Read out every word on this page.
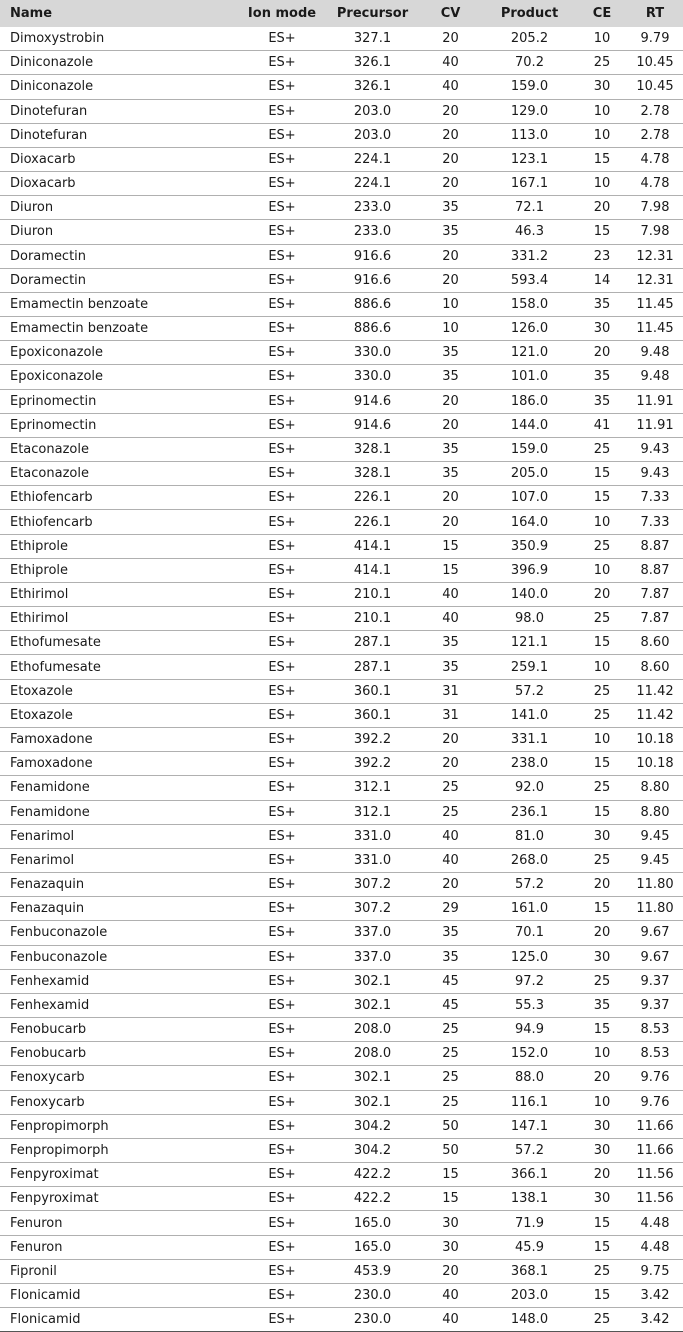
Name	Ion mode	Precursor	CV	Product	CE	RT
Dimoxystrobin	ES+	327.1	20	205.2	10	9.79
Diniconazole	ES+	326.1	40	70.2	25	10.45
Diniconazole	ES+	326.1	40	159.0	30	10.45
Dinotefuran	ES+	203.0	20	129.0	10	2.78
Dinotefuran	ES+	203.0	20	113.0	10	2.78
Dioxacarb	ES+	224.1	20	123.1	15	4.78
Dioxacarb	ES+	224.1	20	167.1	10	4.78
Diuron	ES+	233.0	35	72.1	20	7.98
Diuron	ES+	233.0	35	46.3	15	7.98
Doramectin	ES+	916.6	20	331.2	23	12.31
Doramectin	ES+	916.6	20	593.4	14	12.31
Emamectin benzoate	ES+	886.6	10	158.0	35	11.45
Emamectin benzoate	ES+	886.6	10	126.0	30	11.45
Epoxiconazole	ES+	330.0	35	121.0	20	9.48
Epoxiconazole	ES+	330.0	35	101.0	35	9.48
Eprinomectin	ES+	914.6	20	186.0	35	11.91
Eprinomectin	ES+	914.6	20	144.0	41	11.91
Etaconazole	ES+	328.1	35	159.0	25	9.43
Etaconazole	ES+	328.1	35	205.0	15	9.43
Ethiofencarb	ES+	226.1	20	107.0	15	7.33
Ethiofencarb	ES+	226.1	20	164.0	10	7.33
Ethiprole	ES+	414.1	15	350.9	25	8.87
Ethiprole	ES+	414.1	15	396.9	10	8.87
Ethirimol	ES+	210.1	40	140.0	20	7.87
Ethirimol	ES+	210.1	40	98.0	25	7.87
Ethofumesate	ES+	287.1	35	121.1	15	8.60
Ethofumesate	ES+	287.1	35	259.1	10	8.60
Etoxazole	ES+	360.1	31	57.2	25	11.42
Etoxazole	ES+	360.1	31	141.0	25	11.42
Famoxadone	ES+	392.2	20	331.1	10	10.18
Famoxadone	ES+	392.2	20	238.0	15	10.18
Fenamidone	ES+	312.1	25	92.0	25	8.80
Fenamidone	ES+	312.1	25	236.1	15	8.80
Fenarimol	ES+	331.0	40	81.0	30	9.45
Fenarimol	ES+	331.0	40	268.0	25	9.45
Fenazaquin	ES+	307.2	20	57.2	20	11.80
Fenazaquin	ES+	307.2	29	161.0	15	11.80
Fenbuconazole	ES+	337.0	35	70.1	20	9.67
Fenbuconazole	ES+	337.0	35	125.0	30	9.67
Fenhexamid	ES+	302.1	45	97.2	25	9.37
Fenhexamid	ES+	302.1	45	55.3	35	9.37
Fenobucarb	ES+	208.0	25	94.9	15	8.53
Fenobucarb	ES+	208.0	25	152.0	10	8.53
Fenoxycarb	ES+	302.1	25	88.0	20	9.76
Fenoxycarb	ES+	302.1	25	116.1	10	9.76
Fenpropimorph	ES+	304.2	50	147.1	30	11.66
Fenpropimorph	ES+	304.2	50	57.2	30	11.66
Fenpyroximat	ES+	422.2	15	366.1	20	11.56
Fenpyroximat	ES+	422.2	15	138.1	30	11.56
Fenuron	ES+	165.0	30	71.9	15	4.48
Fenuron	ES+	165.0	30	45.9	15	4.48
Fipronil	ES+	453.9	20	368.1	25	9.75
Flonicamid	ES+	230.0	40	203.0	15	3.42
Flonicamid	ES+	230.0	40	148.0	25	3.42
